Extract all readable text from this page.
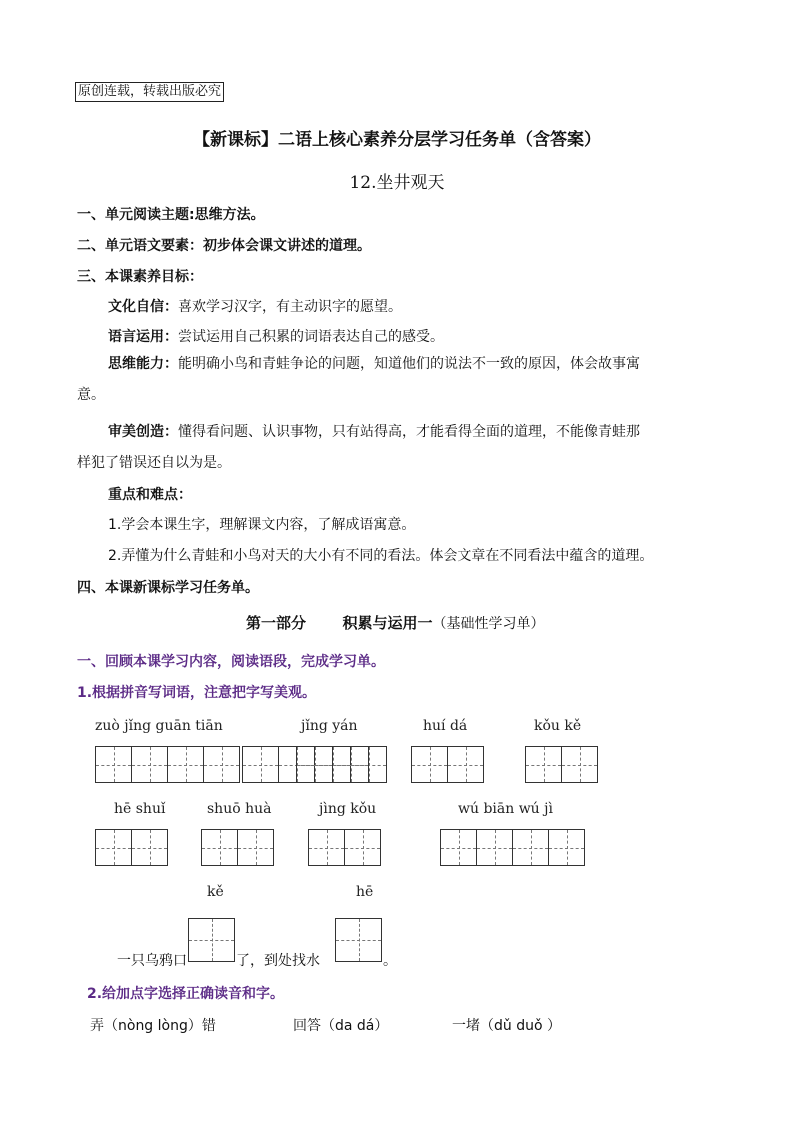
原创连载，转载出版必究
【新课标】二语上核心素养分层学习任务单（含答案）
12.坐井观天
一、单元阅读主题:思维方法。
二、单元语文要素：初步体会课文讲述的道理。
三、本课素养目标：
文化自信：喜欢学习汉字，有主动识字的愿望。
语言运用：尝试运用自己积累的词语表达自己的感受。
思维能力：能明确小鸟和青蛙争论的问题，知道他们的说法不一致的原因，体会故事寓
意。
审美创造：懂得看问题、认识事物，只有站得高，才能看得全面的道理，不能像青蛙那
样犯了错误还自以为是。
重点和难点：
1.学会本课生字，理解课文内容，了解成语寓意。
2.弄懂为什么青蛙和小鸟对天的大小有不同的看法。体会文章在不同看法中蕴含的道理。
四、本课新课标学习任务单。
第一部分 积累与运用一（基础性学习单）
一、回顾本课学习内容，阅读语段，完成学习单。
1.根据拼音写词语，注意把字写美观。
zuò jǐng guān tiān	jǐng yán	huí dá	kǒu kě
hē shuǐ	shuō huà	jìng kǒu	wú biān wú jì
kě	hē
一只乌鸦口	了，到处找水	。
2.给加点字选择正确读音和字。
弄（nòng lòng）错	回答（da dá）	一堵（dǔ duǒ ）
